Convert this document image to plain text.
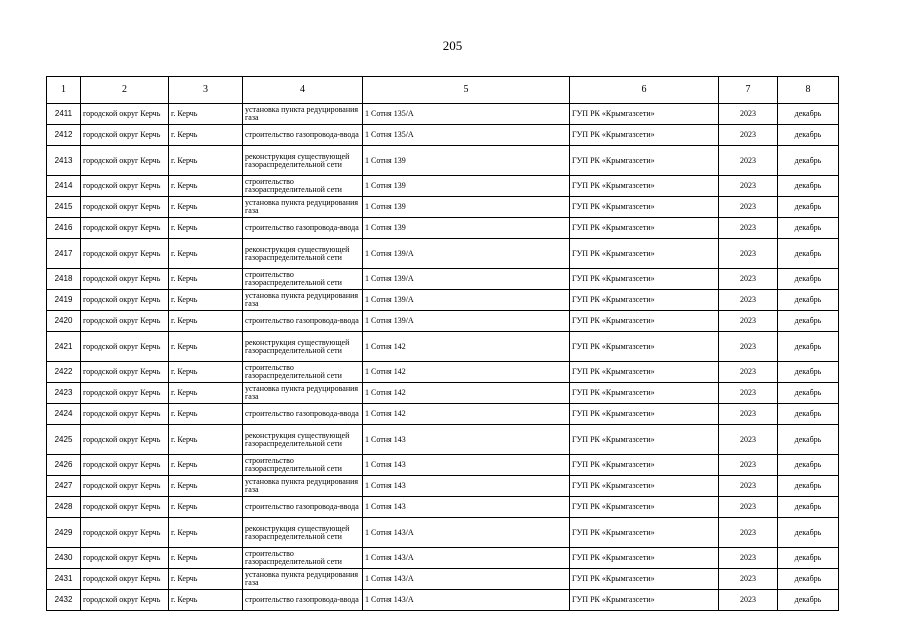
205
1	2	3	4	5	6	7	8
2411	городской округ Керчь	г. Керчь	установка пункта редуцирования газа	1 Сотня 135/А	ГУП РК «Крымгазсети»	2023	декабрь
2412	городской округ Керчь	г. Керчь	строительство газопровода-ввода	1 Сотня 135/А	ГУП РК «Крымгазсети»	2023	декабрь
2413	городской округ Керчь	г. Керчь	реконструкция существующей газораспределительной сети	1 Сотня 139	ГУП РК «Крымгазсети»	2023	декабрь
2414	городской округ Керчь	г. Керчь	строительство газораспределительной сети	1 Сотня 139	ГУП РК «Крымгазсети»	2023	декабрь
2415	городской округ Керчь	г. Керчь	установка пункта редуцирования газа	1 Сотня 139	ГУП РК «Крымгазсети»	2023	декабрь
2416	городской округ Керчь	г. Керчь	строительство газопровода-ввода	1 Сотня 139	ГУП РК «Крымгазсети»	2023	декабрь
2417	городской округ Керчь	г. Керчь	реконструкция существующей газораспределительной сети	1 Сотня 139/А	ГУП РК «Крымгазсети»	2023	декабрь
2418	городской округ Керчь	г. Керчь	строительство газораспределительной сети	1 Сотня 139/А	ГУП РК «Крымгазсети»	2023	декабрь
2419	городской округ Керчь	г. Керчь	установка пункта редуцирования газа	1 Сотня 139/А	ГУП РК «Крымгазсети»	2023	декабрь
2420	городской округ Керчь	г. Керчь	строительство газопровода-ввода	1 Сотня 139/А	ГУП РК «Крымгазсети»	2023	декабрь
2421	городской округ Керчь	г. Керчь	реконструкция существующей газораспределительной сети	1 Сотня 142	ГУП РК «Крымгазсети»	2023	декабрь
2422	городской округ Керчь	г. Керчь	строительство газораспределительной сети	1 Сотня 142	ГУП РК «Крымгазсети»	2023	декабрь
2423	городской округ Керчь	г. Керчь	установка пункта редуцирования газа	1 Сотня 142	ГУП РК «Крымгазсети»	2023	декабрь
2424	городской округ Керчь	г. Керчь	строительство газопровода-ввода	1 Сотня 142	ГУП РК «Крымгазсети»	2023	декабрь
2425	городской округ Керчь	г. Керчь	реконструкция существующей газораспределительной сети	1 Сотня 143	ГУП РК «Крымгазсети»	2023	декабрь
2426	городской округ Керчь	г. Керчь	строительство газораспределительной сети	1 Сотня 143	ГУП РК «Крымгазсети»	2023	декабрь
2427	городской округ Керчь	г. Керчь	установка пункта редуцирования газа	1 Сотня 143	ГУП РК «Крымгазсети»	2023	декабрь
2428	городской округ Керчь	г. Керчь	строительство газопровода-ввода	1 Сотня 143	ГУП РК «Крымгазсети»	2023	декабрь
2429	городской округ Керчь	г. Керчь	реконструкция существующей газораспределительной сети	1 Сотня 143/А	ГУП РК «Крымгазсети»	2023	декабрь
2430	городской округ Керчь	г. Керчь	строительство газораспределительной сети	1 Сотня 143/А	ГУП РК «Крымгазсети»	2023	декабрь
2431	городской округ Керчь	г. Керчь	установка пункта редуцирования газа	1 Сотня 143/А	ГУП РК «Крымгазсети»	2023	декабрь
2432	городской округ Керчь	г. Керчь	строительство газопровода-ввода	1 Сотня 143/А	ГУП РК «Крымгазсети»	2023	декабрь
